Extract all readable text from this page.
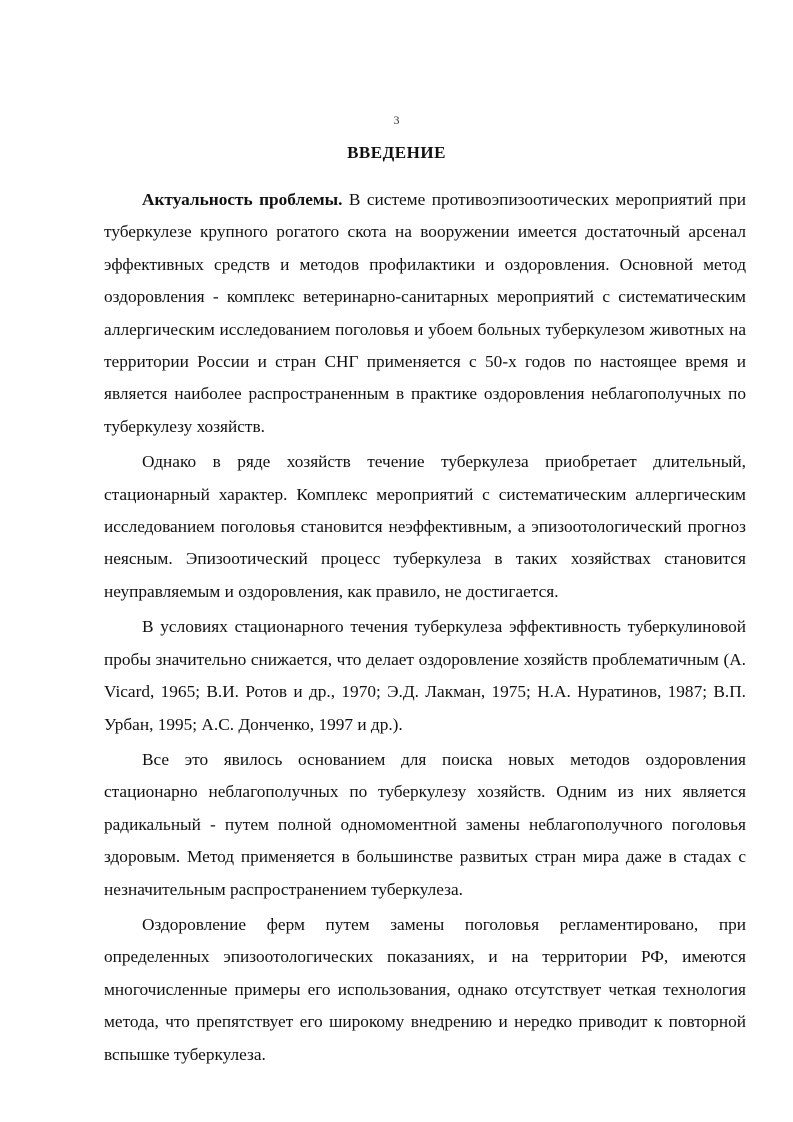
3
ВВЕДЕНИЕ

Актуальность проблемы. В системе противоэпизоотических мероприятий при туберкулезе крупного рогатого скота на вооружении имеется достаточный арсенал эффективных средств и методов профилактики и оздоровления. Основной метод оздоровления - комплекс ветеринарно-санитарных мероприятий с систематическим аллергическим исследованием поголовья и убоем больных туберкулезом животных на территории России и стран СНГ применяется с 50-х годов по настоящее время и является наиболее распространенным в практике оздоровления неблагополучных по туберкулезу хозяйств.

Однако в ряде хозяйств течение туберкулеза приобретает длительный, стационарный характер. Комплекс мероприятий с систематическим аллергическим исследованием поголовья становится неэффективным, а эпизоотологический прогноз неясным. Эпизоотический процесс туберкулеза в таких хозяйствах становится неуправляемым и оздоровления, как правило, не достигается.

В условиях стационарного течения туберкулеза эффективность туберкулиновой пробы значительно снижается, что делает оздоровление хозяйств проблематичным (A. Vicard, 1965; В.И. Ротов и др., 1970; Э.Д. Лакман, 1975; Н.А. Нуратинов, 1987; В.П. Урбан, 1995; А.С. Донченко, 1997 и др.).

Все это явилось основанием для поиска новых методов оздоровления стационарно неблагополучных по туберкулезу хозяйств. Одним из них является радикальный - путем полной одномоментной замены неблагополучного поголовья здоровым. Метод применяется в большинстве развитых стран мира даже в стадах с незначительным распространением туберкулеза.

Оздоровление ферм путем замены поголовья регламентировано, при определенных эпизоотологических показаниях, и на территории РФ, имеются многочисленные примеры его использования, однако отсутствует четкая технология метода, что препятствует его широкому внедрению и нередко приводит к повторной вспышке туберкулеза.
